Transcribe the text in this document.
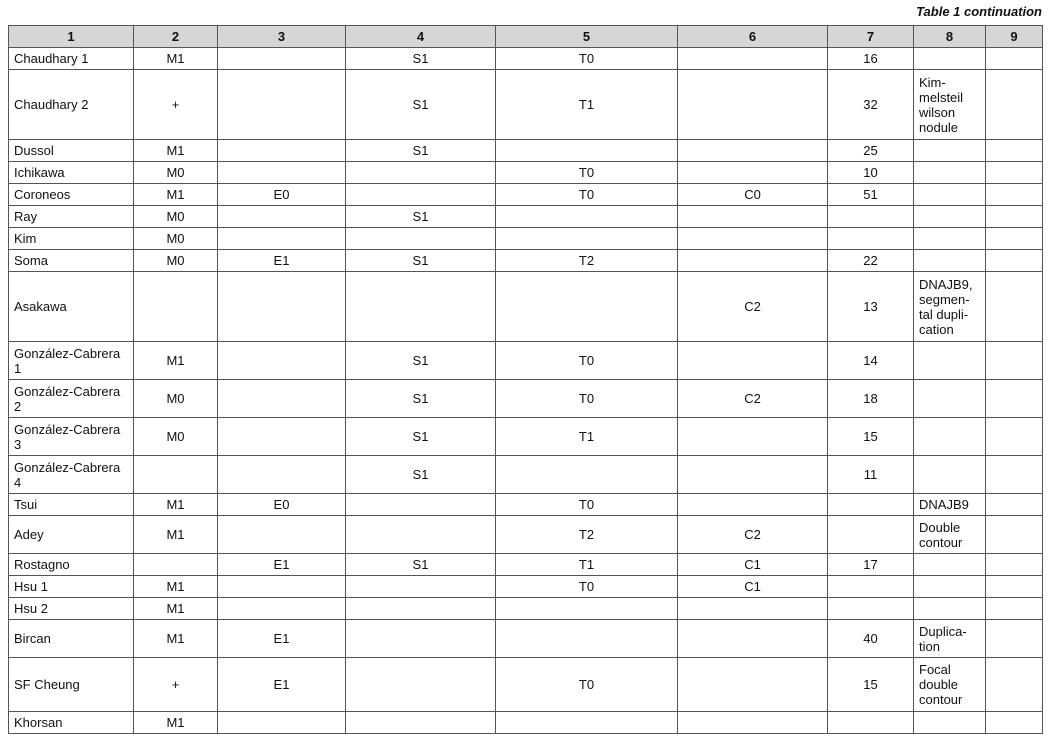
Table 1 continuation
1	2	3	4	5	6	7	8	9
Chaudhary 1	M1		S1	T0		16		
Chaudhary 2	+		S1	T1		32	Kim-
melsteil
wilson
nodule	
Dussol	M1		S1			25		
Ichikawa	M0			T0		10		
Coroneos	M1	E0		T0	C0	51		
Ray	M0		S1					
Kim	M0							
Soma	M0	E1	S1	T2		22		
Asakawa					C2	13	DNAJB9,
segmen-
tal dupli-
cation	
González-Cabrera
1	M1		S1	T0		14		
González-Cabrera
2	M0		S1	T0	C2	18		
González-Cabrera
3	M0		S1	T1		15		
González-Cabrera
4			S1			11		
Tsui	M1	E0		T0			DNAJB9	
Adey	M1			T2	C2		Double
contour	
Rostagno		E1	S1	T1	C1	17		
Hsu 1	M1			T0	C1			
Hsu 2	M1							
Bircan	M1	E1				40	Duplica-
tion	
SF Cheung	+	E1		T0		15	Focal
double
contour	
Khorsan	M1							
